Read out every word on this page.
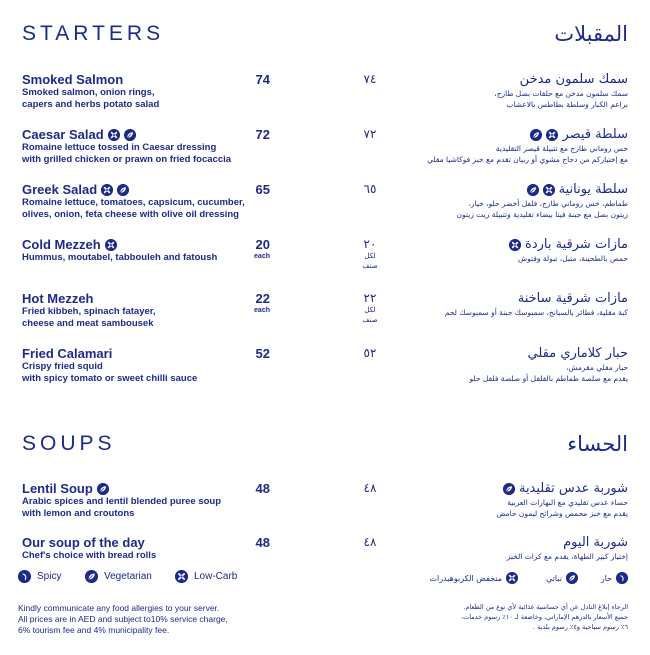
STARTERS	المقبلات
Smoked Salmon
Smoked salmon, onion rings,
capers and herbs potato salad
74	٧٤	سمك سلمون مدخن
سمك سلمون مدخن مع حلقات بصل طازج،
براعم الكبار وسلطة بطاطس بالاعشاب
Caesar Salad
Romaine lettuce tossed in Caesar dressing
with grilled chicken or prawn on fried focaccia
72	٧٢	سلطة قيصر
خس روماني طازج مع تتبيلة قيصر التقليدية
مع إختياركم من دجاج مشوي أو ربيان تقدم مع خبز فوكاشيا مقلي
Greek Salad
Romaine lettuce, tomatoes, capsicum, cucumber,
olives, onion, feta cheese with olive oil dressing
65	٦٥	سلطة يونانية
طماطم، خس روماني طازج، فلفل أخضر حلو، خيار،
زيتون بصل مع جبنة فيتا بيضاء تقليدية وتتبيلة زيت زيتون
Cold Mezzeh
Hummus, moutabel, tabbouleh and fatoush
20
each
٢٠
لكل
صنف
مازات شرقية باردة
حمص بالطحينة، متبل، تبولة وفتوش
Hot Mezzeh
Fried kibbeh, spinach fatayer,
cheese and meat sambousek
22
each
٢٢
لكل
صنف
مازات شرقية ساخنة
كبة مقلية، فطائر بالسبانخ، سمبوسك جبنة أو سمبوسك لحم
Fried Calamari
Crispy fried squid
with spicy tomato or sweet chilli sauce
52	٥٢	حبار كلاماري مقلي
حبار مقلي مقرمش،
يقدم مع صلصة طماطم بالفلفل أو صلصة فلفل حلو
SOUPS	الحساء
Lentil Soup
Arabic spices and lentil blended puree soup
with lemon and croutons
48	٤٨	شوربة عدس تقليدية
حساء عدس تقليدي مع البهارات العربية
يقدم مع خبز محمص وشرائح ليمون حامض
Our soup of the day
Chef's choice with bread rolls
48	٤٨	شوربة اليوم
إختيار كبير الطهاة، يقدم مع كرات الخبز
Spicy	Vegetarian	Low-Carb	حار
نباتي
منخفض الكربوهيدرات
Kindly communicate any food allergies to your server.
All prices are in AED and subject to10% service charge,
6% tourism fee and 4% municipality fee.
الرجاء إبلاغ النادل عن أي حساسية غذائية لأي نوع من الطعام.
جميع الأسعار بالدرهم الإماراتي، وخاضعة لـ ١٠٪ رسوم خدمات،
٦٪ رسوم سياحية و٤٪ رسوم بلدية .
